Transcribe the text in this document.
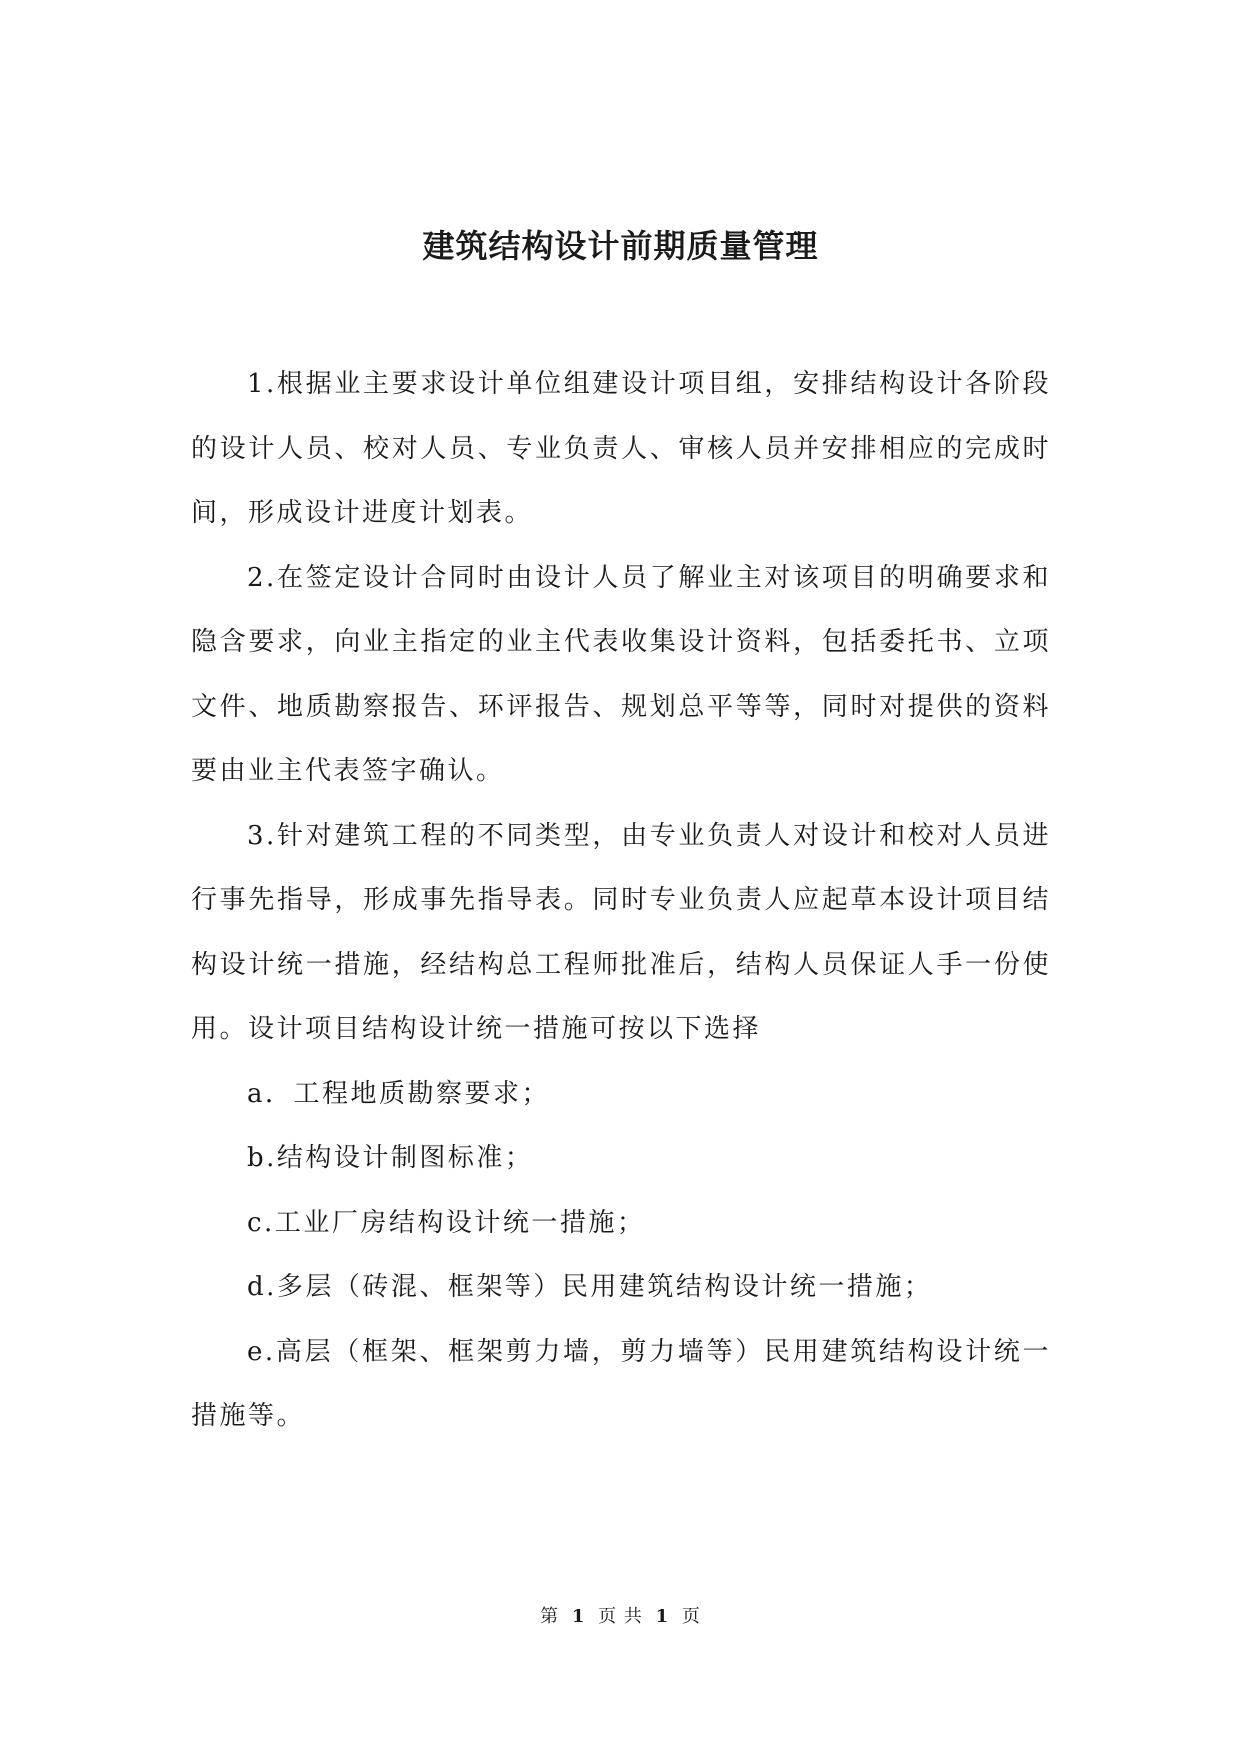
建筑结构设计前期质量管理

1.根据业主要求设计单位组建设计项目组，安排结构设计各阶段的设计人员、校对人员、专业负责人、审核人员并安排相应的完成时间，形成设计进度计划表。

2.在签定设计合同时由设计人员了解业主对该项目的明确要求和隐含要求，向业主指定的业主代表收集设计资料，包括委托书、立项文件、地质勘察报告、环评报告、规划总平等等，同时对提供的资料要由业主代表签字确认。

3.针对建筑工程的不同类型，由专业负责人对设计和校对人员进行事先指导，形成事先指导表。同时专业负责人应起草本设计项目结构设计统一措施，经结构总工程师批准后，结构人员保证人手一份使用。设计项目结构设计统一措施可按以下选择

a．工程地质勘察要求；

b.结构设计制图标准；

c.工业厂房结构设计统一措施；

d.多层（砖混、框架等）民用建筑结构设计统一措施；

e.高层（框架、框架剪力墙，剪力墙等）民用建筑结构设计统一措施等。

第 1 页 共 1 页
